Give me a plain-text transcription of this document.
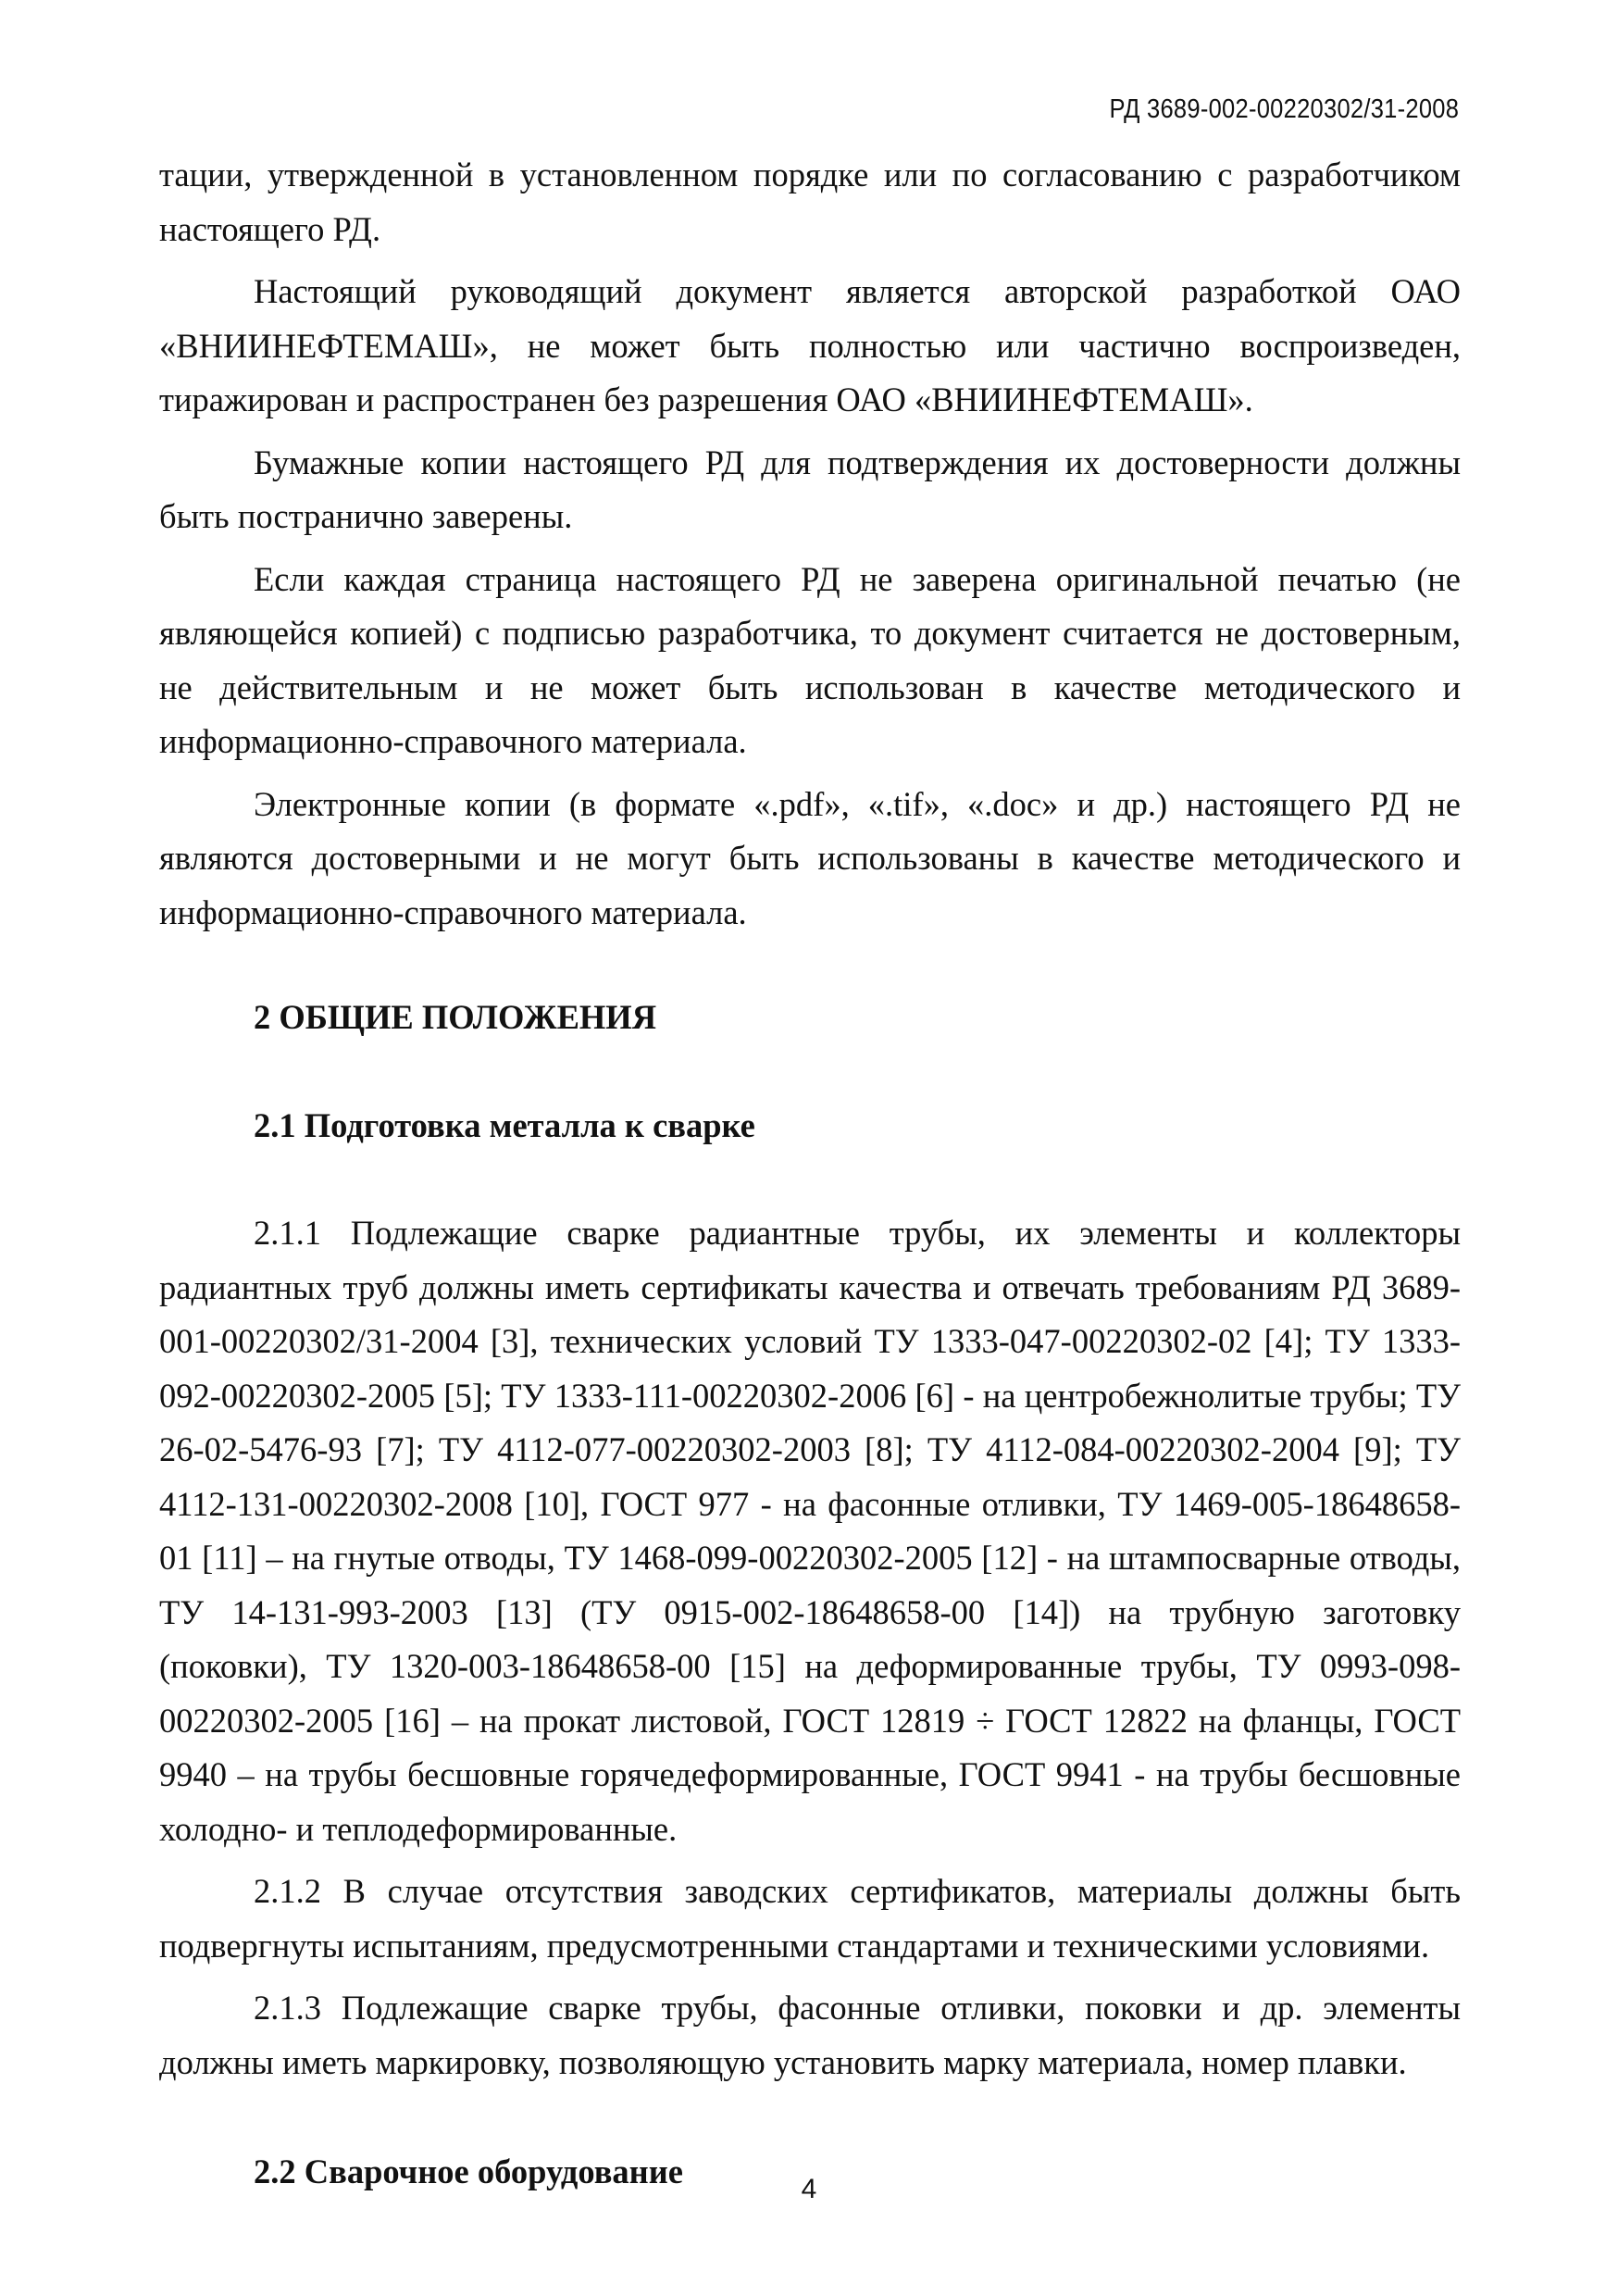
РД 3689-002-00220302/31-2008

тации, утвержденной в установленном порядке или по согласованию с разработчиком настоящего РД.

Настоящий руководящий документ является авторской разработкой ОАО «ВНИИНЕФТЕМАШ», не может быть полностью или частично воспроизведен, тиражирован и распространен без разрешения ОАО «ВНИИНЕФТЕМАШ».

Бумажные копии настоящего РД для подтверждения их достоверности должны быть постранично заверены.

Если каждая страница настоящего РД не заверена оригинальной печатью (не являющейся копией) с подписью разработчика, то документ считается не достоверным, не действительным и не может быть использован в качестве методического и информационно-справочного материала.

Электронные копии (в формате «.pdf», «.tif», «.doc» и др.) настоящего РД не являются достоверными и не могут быть использованы в качестве методического и информационно-справочного материала.

2 ОБЩИЕ ПОЛОЖЕНИЯ
2.1 Подготовка металла к сварке

2.1.1 Подлежащие сварке радиантные трубы, их элементы и коллекторы радиантных труб должны иметь сертификаты качества и отвечать требованиям РД 3689-001-00220302/31-2004 [3], технических условий ТУ 1333-047-00220302-02 [4]; ТУ 1333-092-00220302-2005 [5]; ТУ 1333-111-00220302-2006 [6] - на центробежнолитые трубы; ТУ 26-02-5476-93 [7]; ТУ 4112-077-00220302-2003 [8]; ТУ 4112-084-00220302-2004 [9]; ТУ 4112-131-00220302-2008 [10], ГОСТ 977 - на фасонные отливки, ТУ 1469-005-18648658-01 [11] – на гнутые отводы, ТУ 1468-099-00220302-2005 [12] - на штампосварные отводы, ТУ 14-131-993-2003 [13] (ТУ 0915-002-18648658-00 [14]) на трубную заготовку (поковки), ТУ 1320-003-18648658-00 [15] на деформированные трубы, ТУ 0993-098-00220302-2005 [16] – на прокат листовой, ГОСТ 12819 ÷ ГОСТ 12822 на фланцы, ГОСТ 9940 – на трубы бесшовные горячедеформированные, ГОСТ 9941 - на трубы бесшовные холодно- и теплодеформированные.

2.1.2 В случае отсутствия заводских сертификатов, материалы должны быть подвергнуты испытаниям, предусмотренными стандартами и техническими условиями.

2.1.3 Подлежащие сварке трубы, фасонные отливки, поковки и др. элементы должны иметь маркировку, позволяющую установить марку материала, номер плавки.

2.2 Сварочное оборудование	4
